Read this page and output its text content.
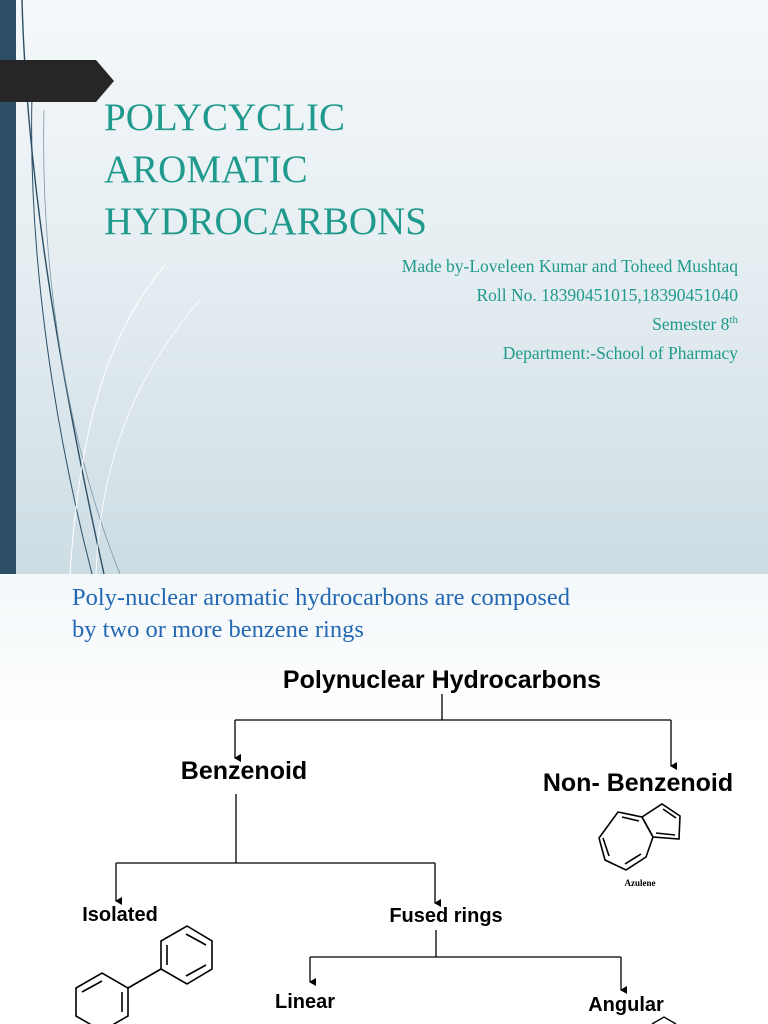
POLYCYCLIC
AROMATIC
HYDROCARBONS
Made by-Loveleen Kumar and Toheed Mushtaq
Roll No. 18390451015,18390451040
Semester 8th
Department:-School of Pharmacy

Poly-nuclear aromatic hydrocarbons are composed
by two or more benzene rings

Polynuclear Hydrocarbons
Benzenoid	Non- Benzenoid
Isolated	Fused rings
Linear	Angular
Azulene
